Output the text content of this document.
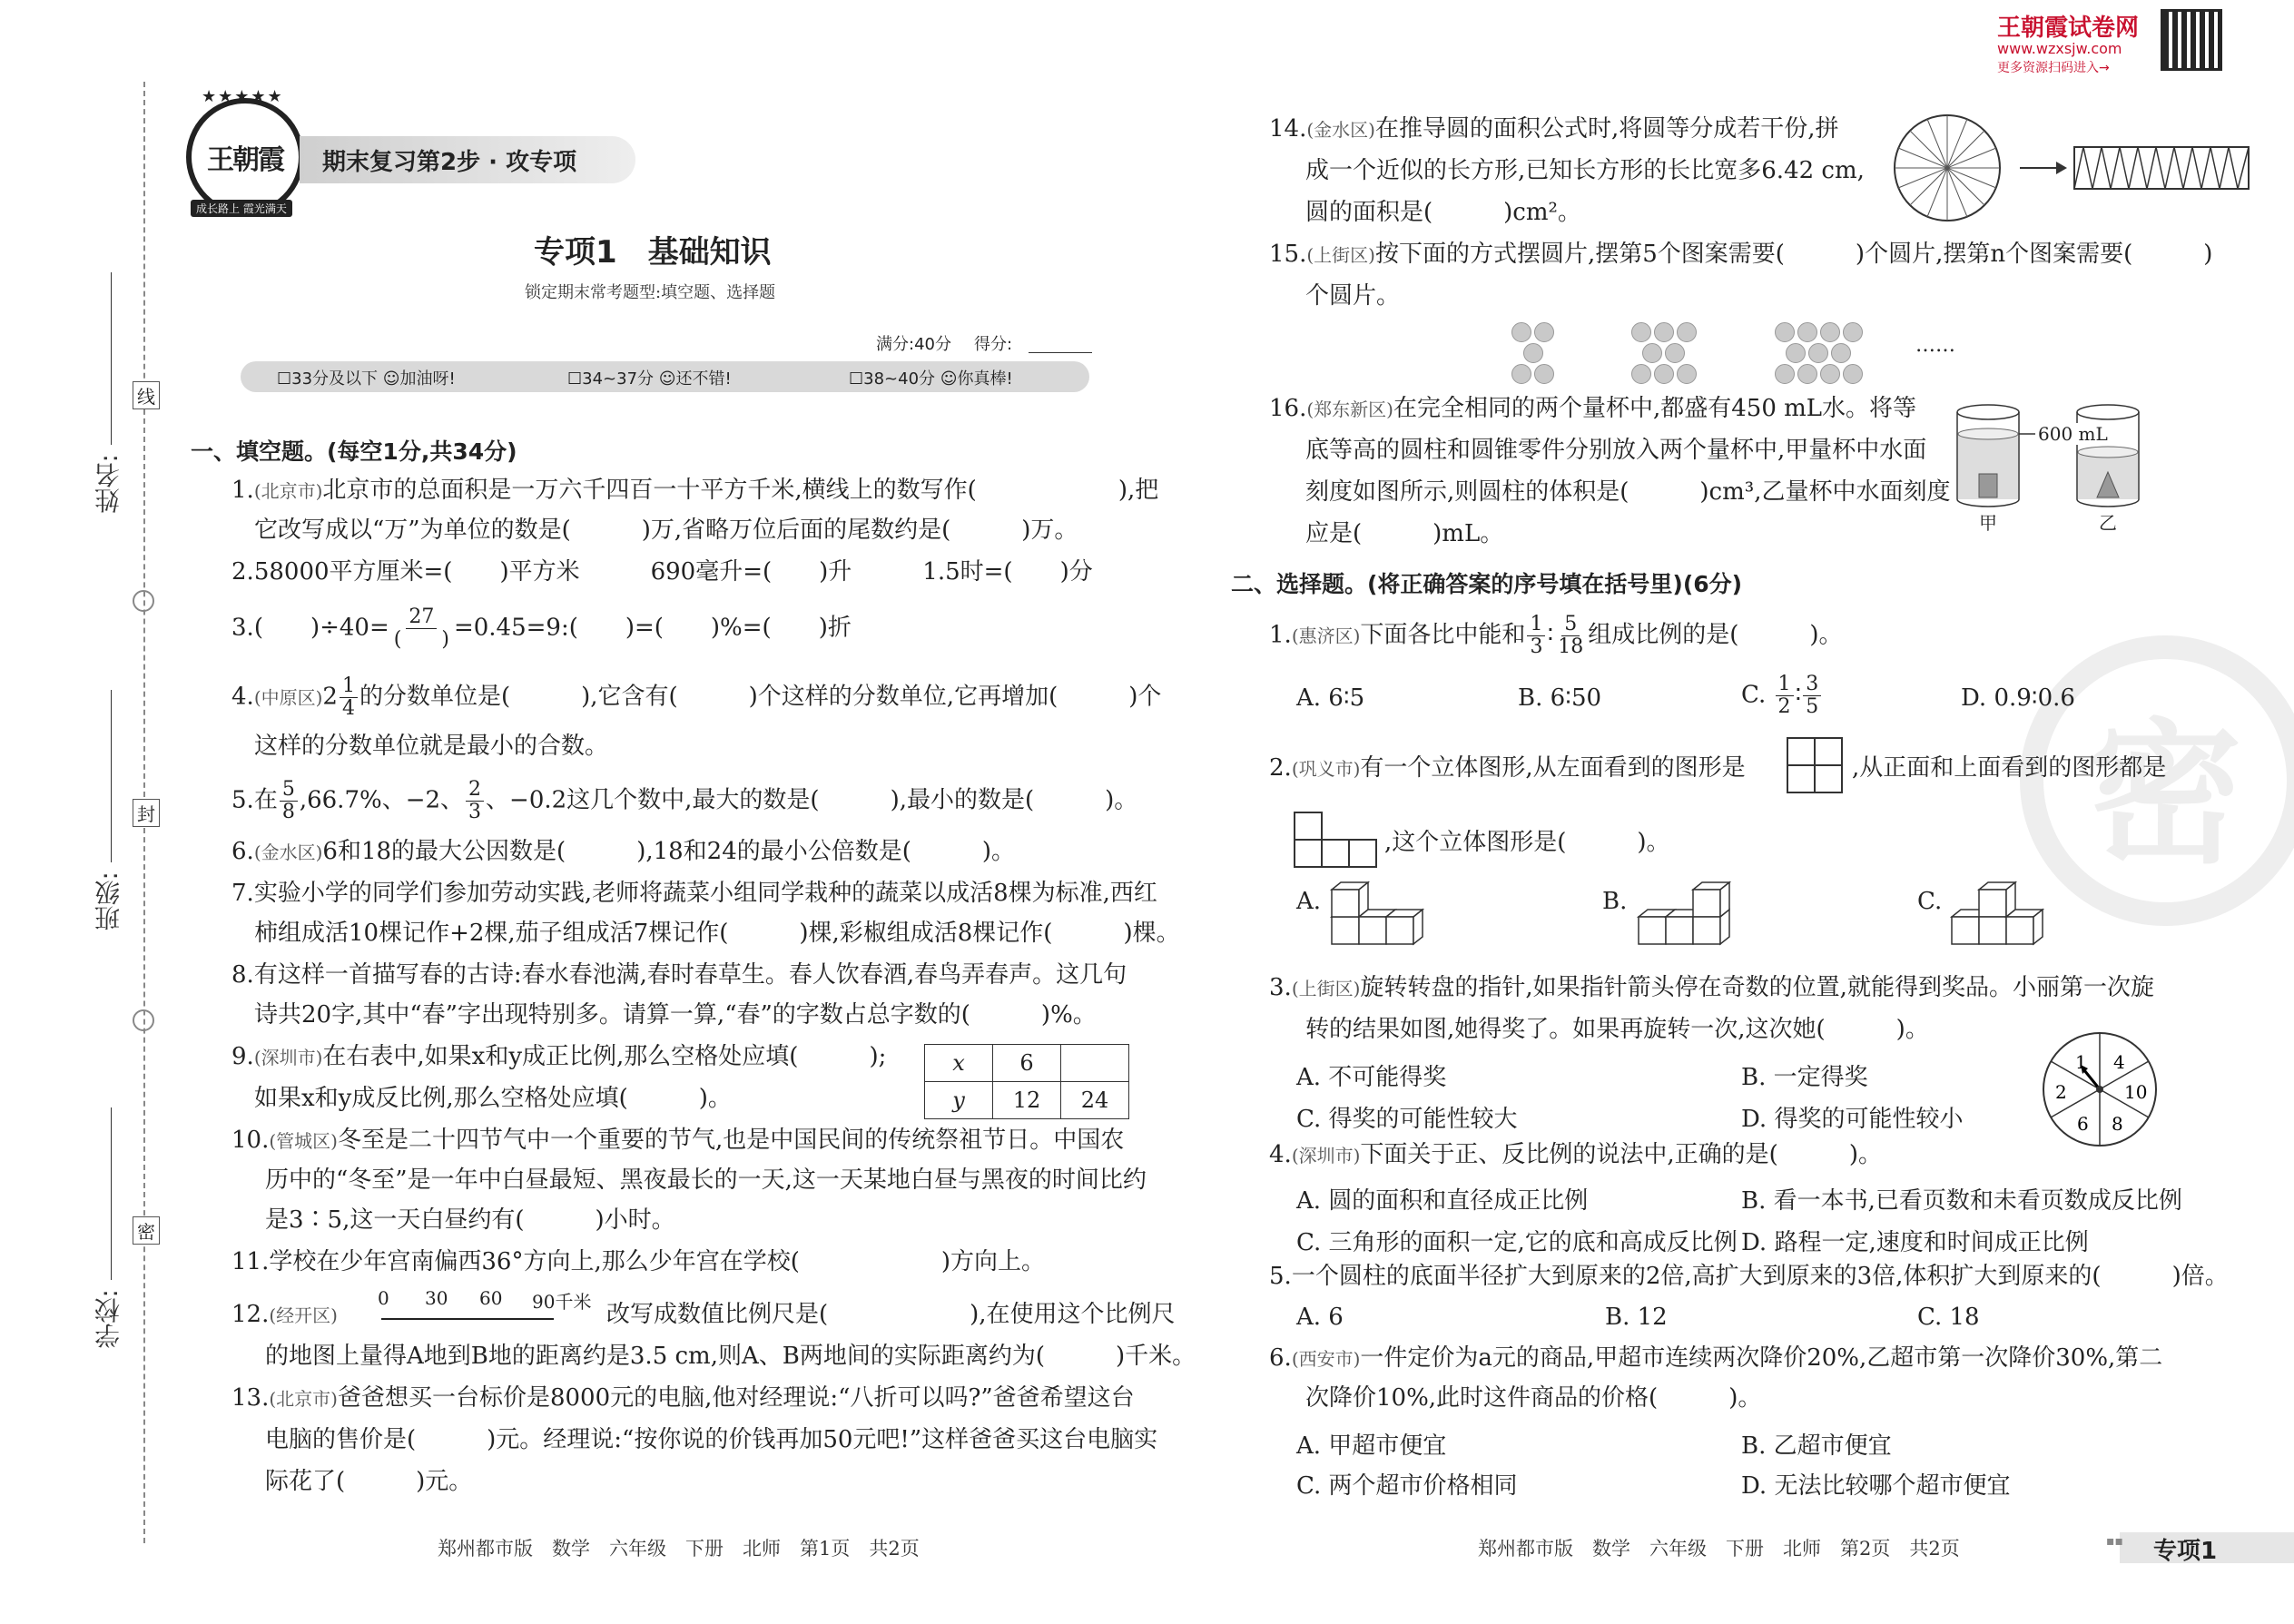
线
封
密
姓名:
班级:
学校:
王朝霞
★★★★★
成长路上 霞光满天
期末复习第2步 · 攻专项
专项1　基础知识
锁定期末常考题型:填空题、选择题
满分:40分 得分:
☐33分及以下 ☺加油呀!	☐34~37分 ☺还不错!	☐38~40分 ☺你真棒!
一、填空题。(每空1分,共34分)
1.(北京市)北京市的总面积是一万六千四百一十平方千米,横线上的数写作(　　　　　　),把
它改写成以“万”为单位的数是(　　　)万,省略万位后面的尾数约是(　　　)万。
2.58000平方厘米=(　　)平方米　　　690毫升=(　　)升　　　1.5时=(　　)分
3.(　　)$\div 40= \frac{27}{( )}$ =0.45=9:(　　)=(　　)%=(　　)折
4.(中原区)$2 \frac{1}{4}$ 的分数单位是(　　　),它含有(　　　)个这样的分数单位,它再增加(　　　)个
这样的分数单位就是最小的合数。
5.在 $\frac{5}{8} ,66.7\%$、−2、 $\frac{2}{3}$ 、−0.2这几个数中,最大的数是(　　　),最小的数是(　　　)。
6.(金水区)6和18的最大公因数是(　　　),18和24的最小公倍数是(　　　)。
7.实验小学的同学们参加劳动实践,老师将蔬菜小组同学栽种的蔬菜以成活8棵为标准,西红
柿组成活10棵记作+2棵,茄子组成活7棵记作(　　　)棵,彩椒组成活8棵记作(　　　)棵。
8.有这样一首描写春的古诗:春水春池满,春时春草生。春人饮春酒,春鸟弄春声。这几句
诗共20字,其中“春”字出现特别多。请算一算,“春”的字数占总字数的(　　　)%。
9.(深圳市)在右表中,如果x和y成正比例,那么空格处应填(　　　);
如果x和y成反比例,那么空格处应填(　　　)。
x	6	
y	12	24
10.(管城区)冬至是二十四节气中一个重要的节气,也是中国民间的传统祭祖节日。中国农
历中的“冬至”是一年中白昼最短、黑夜最长的一天,这一天某地白昼与黑夜的时间比约
是3∶5,这一天白昼约有(　　　)小时。
11.学校在少年宫南偏西36°方向上,那么少年宫在学校(　　　　　　)方向上。
12.(经开区)
0 30 60 90千米 改写成数值比例尺是(　　　　　　),在使用这个比例尺
的地图上量得A地到B地的距离约是3.5 cm,则A、B两地间的实际距离约为(　　　)千米。
13.(北京市)爸爸想买一台标价是8000元的电脑,他对经理说:“八折可以吗?”爸爸希望这台
电脑的售价是(　　　)元。经理说:“按你说的价钱再加50元吧!”这样爸爸买这台电脑实
际花了(　　　)元。
郑州都市版　数学　六年级　下册　北师　第1页　共2页
王朝霞试卷网
www.wzxsjw.com
更多资源扫码进入→
密
14.(金水区)在推导圆的面积公式时,将圆等分成若干份,拼
成一个近似的长方形,已知长方形的长比宽多6.42 cm,
圆的面积是(　　　)cm²。
15.(上街区)按下面的方式摆圆片,摆第5个图案需要(　　　)个圆片,摆第n个图案需要(　　　)
个圆片。
……
16.(郑东新区)在完全相同的两个量杯中,都盛有450 mL水。将等
底等高的圆柱和圆锥零件分别放入两个量杯中,甲量杯中水面
刻度如图所示,则圆柱的体积是(　　　)cm³,乙量杯中水面刻度
应是(　　　)mL。
600 mL
甲	乙
二、选择题。(将正确答案的序号填在括号里)(6分)
1.(惠济区)下面各比中能和 $\frac{1}{3}$ ∶ $\frac{5}{18}$ 组成比例的是(　　　)。
A. 6∶5	B. 6∶50	C. $\frac{1}{2}$ ∶ $\frac{3}{5}$	D. 0.9∶0.6
2.(巩义市)有一个立体图形,从左面看到的图形是	,从正面和上面看到的图形都是
,这个立体图形是(　　　)。
A.	B.	C.
3.(上街区)旋转转盘的指针,如果指针箭头停在奇数的位置,就能得到奖品。小丽第一次旋
转的结果如图,她得奖了。如果再旋转一次,这次她(　　　)。
A. 不可能得奖	B. 一定得奖
C. 得奖的可能性较大	D. 得奖的可能性较小
1 4
10
8
6
2
4.(深圳市)下面关于正、反比例的说法中,正确的是(　　　)。
A. 圆的面积和直径成正比例	B. 看一本书,已看页数和未看页数成反比例
C. 三角形的面积一定,它的底和高成反比例 D. 路程一定,速度和时间成正比例
5.一个圆柱的底面半径扩大到原来的2倍,高扩大到原来的3倍,体积扩大到原来的(　　　)倍。
A. 6	B. 12	C. 18
6.(西安市)一件定价为a元的商品,甲超市连续两次降价20%,乙超市第一次降价30%,第二
次降价10%,此时这件商品的价格(　　　)。
A. 甲超市便宜	B. 乙超市便宜
C. 两个超市价格相同	D. 无法比较哪个超市便宜
郑州都市版　数学　六年级　下册　北师　第2页　共2页	▪▪ 专项1
